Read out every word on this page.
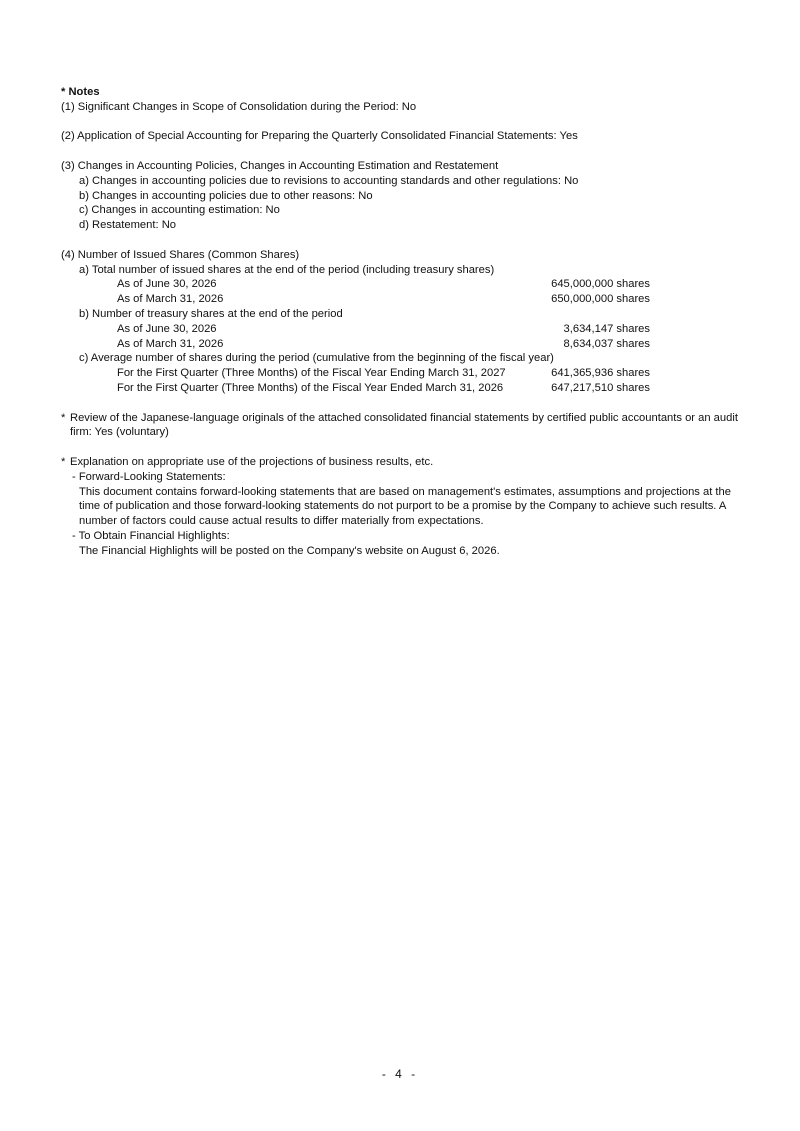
* Notes
(1) Significant Changes in Scope of Consolidation during the Period: No
(2) Application of Special Accounting for Preparing the Quarterly Consolidated Financial Statements: Yes
(3) Changes in Accounting Policies, Changes in Accounting Estimation and Restatement
a) Changes in accounting policies due to revisions to accounting standards and other regulations: No
b) Changes in accounting policies due to other reasons: No
c) Changes in accounting estimation: No
d) Restatement: No
(4) Number of Issued Shares (Common Shares)
a) Total number of issued shares at the end of the period (including treasury shares)
As of June 30, 2026	645,000,000 shares
As of March 31, 2026	650,000,000 shares
b) Number of treasury shares at the end of the period
As of June 30, 2026	3,634,147 shares
As of March 31, 2026	8,634,037 shares
c) Average number of shares during the period (cumulative from the beginning of the fiscal year)
For the First Quarter (Three Months) of the Fiscal Year Ending March 31, 2027	641,365,936 shares
For the First Quarter (Three Months) of the Fiscal Year Ended March 31, 2026	647,217,510 shares
* Review of the Japanese-language originals of the attached consolidated financial statements by certified public accountants or an audit firm: Yes (voluntary)
* Explanation on appropriate use of the projections of business results, etc.
- Forward-Looking Statements:
This document contains forward-looking statements that are based on management's estimates, assumptions and projections at the time of publication and those forward-looking statements do not purport to be a promise by the Company to achieve such results. A number of factors could cause actual results to differ materially from expectations.
- To Obtain Financial Highlights:
The Financial Highlights will be posted on the Company's website on August 6, 2026.
- 4 -
